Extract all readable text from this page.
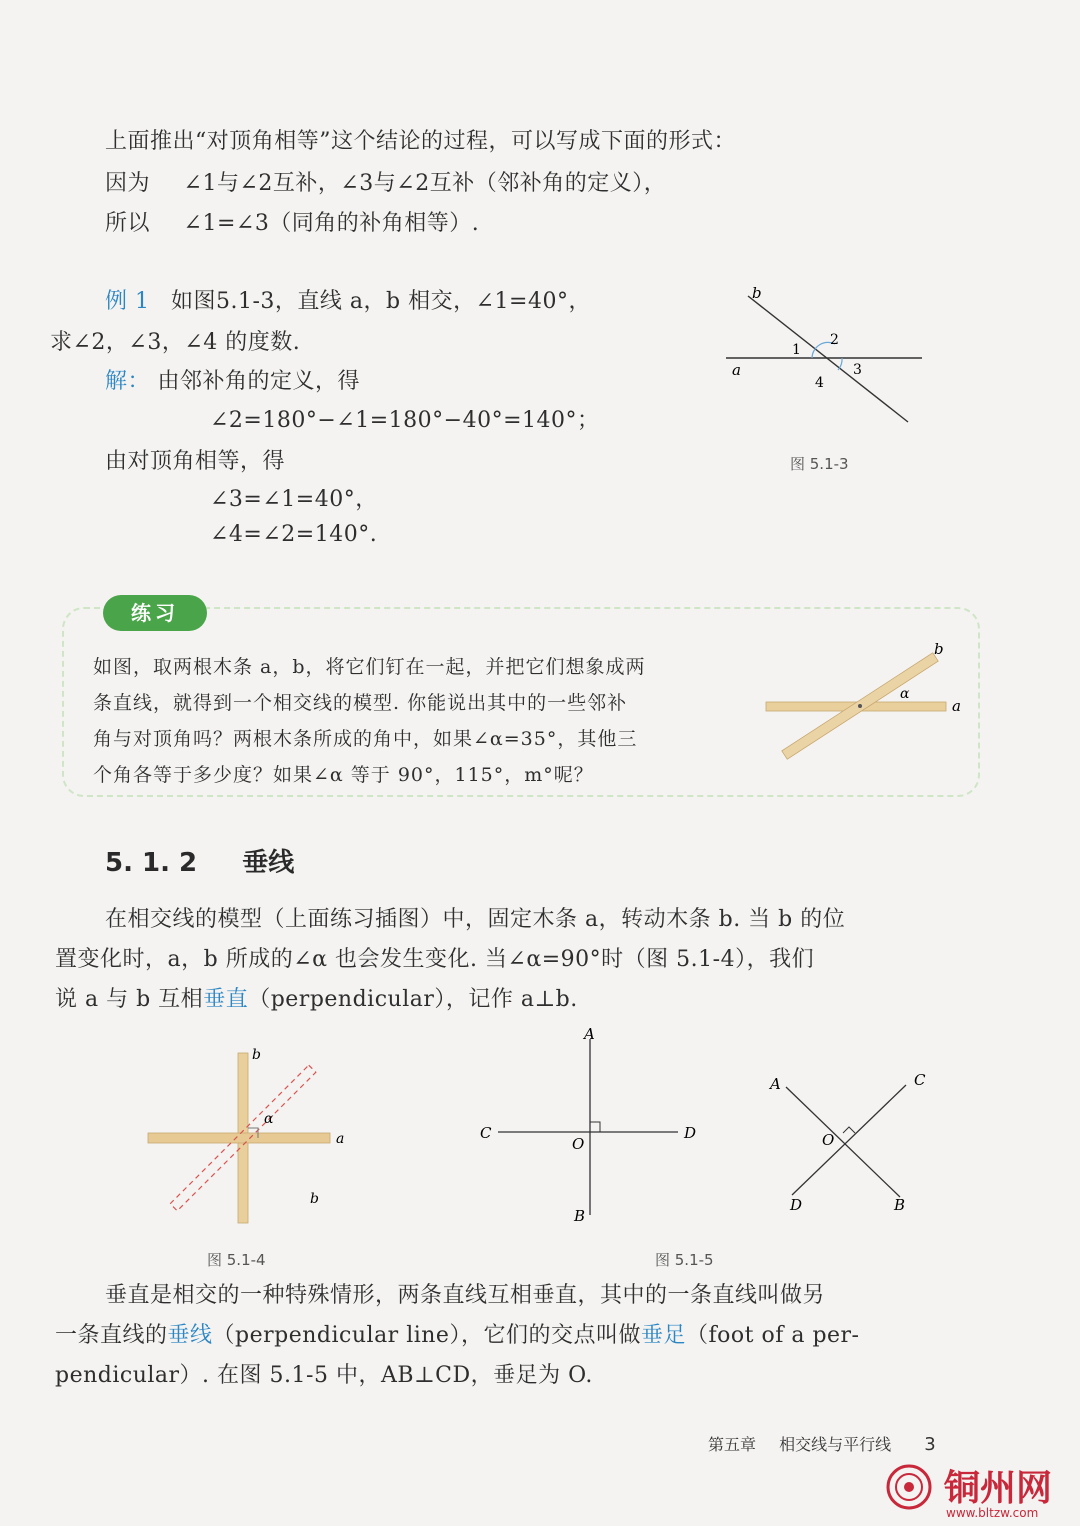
上面推出“对顶角相等”这个结论的过程，可以写成下面的形式：
因为 ∠1与∠2互补，∠3与∠2互补（邻补角的定义），
所以 ∠1=∠3（同角的补角相等）.
例 1 如图5.1-3，直线 a，b 相交，∠1=40°，
求∠2，∠3，∠4 的度数.
解： 由邻补角的定义，得
∠2=180°−∠1=180°−40°=140°；
由对顶角相等，得
∠3=∠1=40°，
∠4=∠2=140°.
a
b
1
2
3
4
图 5.1-3
练习
如图，取两根木条 a，b，将它们钉在一起，并把它们想象成两
条直线，就得到一个相交线的模型. 你能说出其中的一些邻补
角与对顶角吗？两根木条所成的角中，如果∠α=35°，其他三
个角各等于多少度？如果∠α 等于 90°，115°，m°呢？
a
b
α
5. 1. 2 垂线
在相交线的模型（上面练习插图）中，固定木条 a，转动木条 b. 当 b 的位
置变化时，a，b 所成的∠α 也会发生变化. 当∠α=90°时（图 5.1-4），我们
说 a 与 b 互相垂直（perpendicular），记作 a⊥b.
b
a
α
b
图 5.1-4
A
B
C	D
O
A
B
C
D
O
图 5.1-5
垂直是相交的一种特殊情形，两条直线互相垂直，其中的一条直线叫做另
一条直线的垂线（perpendicular line），它们的交点叫做垂足（foot of a per-
pendicular）. 在图 5.1-5 中，AB⊥CD，垂足为 O.
第五章 相交线与平行线 3
铜州网
www.bltzw.com
